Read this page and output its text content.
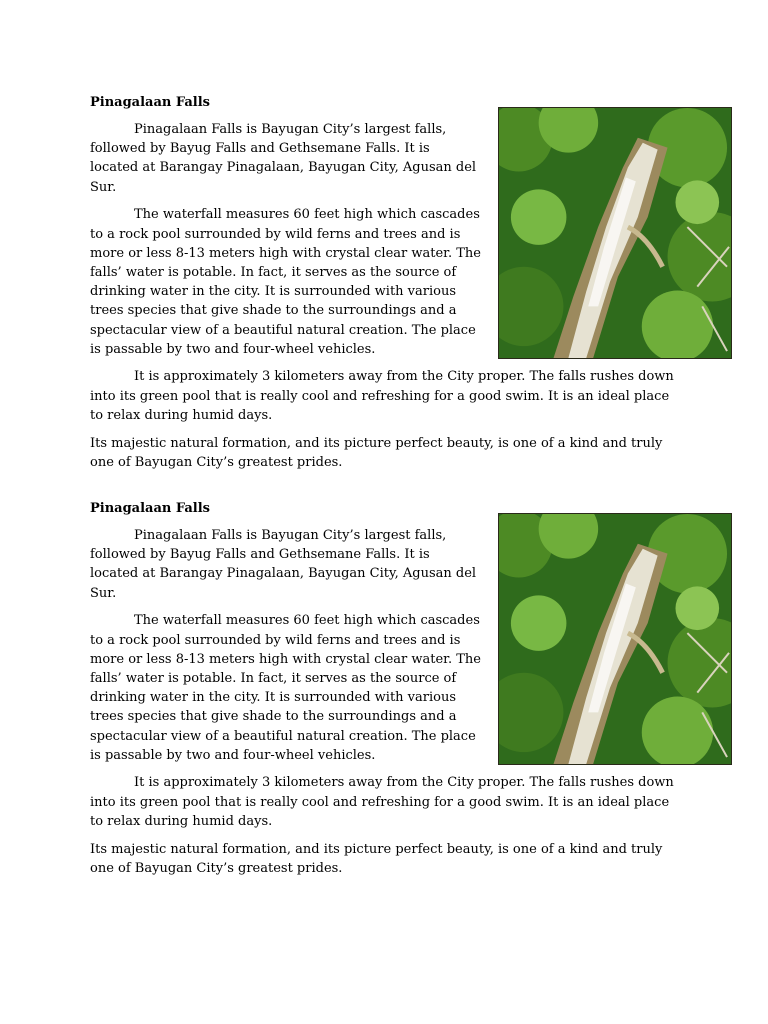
Pinagalaan Falls

Pinagalaan Falls is Bayugan City’s largest falls, followed by Bayug Falls and Gethsemane Falls. It is located at Barangay Pinagalaan, Bayugan City, Agusan del Sur.

The waterfall measures 60 feet high which cascades to a rock pool surrounded by wild ferns and trees and is more or less 8-13 meters high with crystal clear water. The falls’ water is potable. In fact, it serves as the source of drinking water in the city. It is surrounded with various trees species that give shade to the surroundings and a spectacular view of a beautiful natural creation. The place is passable by two and four-wheel vehicles.

It is approximately 3 kilometers away from the City proper. The falls rushes down into its green pool that is really cool and refreshing for a good swim. It is an ideal place to relax during humid days.

Its majestic natural formation, and its picture perfect beauty, is one of a kind and truly one of Bayugan City’s greatest prides.

Pinagalaan Falls

Pinagalaan Falls is Bayugan City’s largest falls, followed by Bayug Falls and Gethsemane Falls. It is located at Barangay Pinagalaan, Bayugan City, Agusan del Sur.

The waterfall measures 60 feet high which cascades to a rock pool surrounded by wild ferns and trees and is more or less 8-13 meters high with crystal clear water. The falls’ water is potable. In fact, it serves as the source of drinking water in the city. It is surrounded with various trees species that give shade to the surroundings and a spectacular view of a beautiful natural creation. The place is passable by two and four-wheel vehicles.

It is approximately 3 kilometers away from the City proper. The falls rushes down into its green pool that is really cool and refreshing for a good swim. It is an ideal place to relax during humid days.

Its majestic natural formation, and its picture perfect beauty, is one of a kind and truly one of Bayugan City’s greatest prides.
